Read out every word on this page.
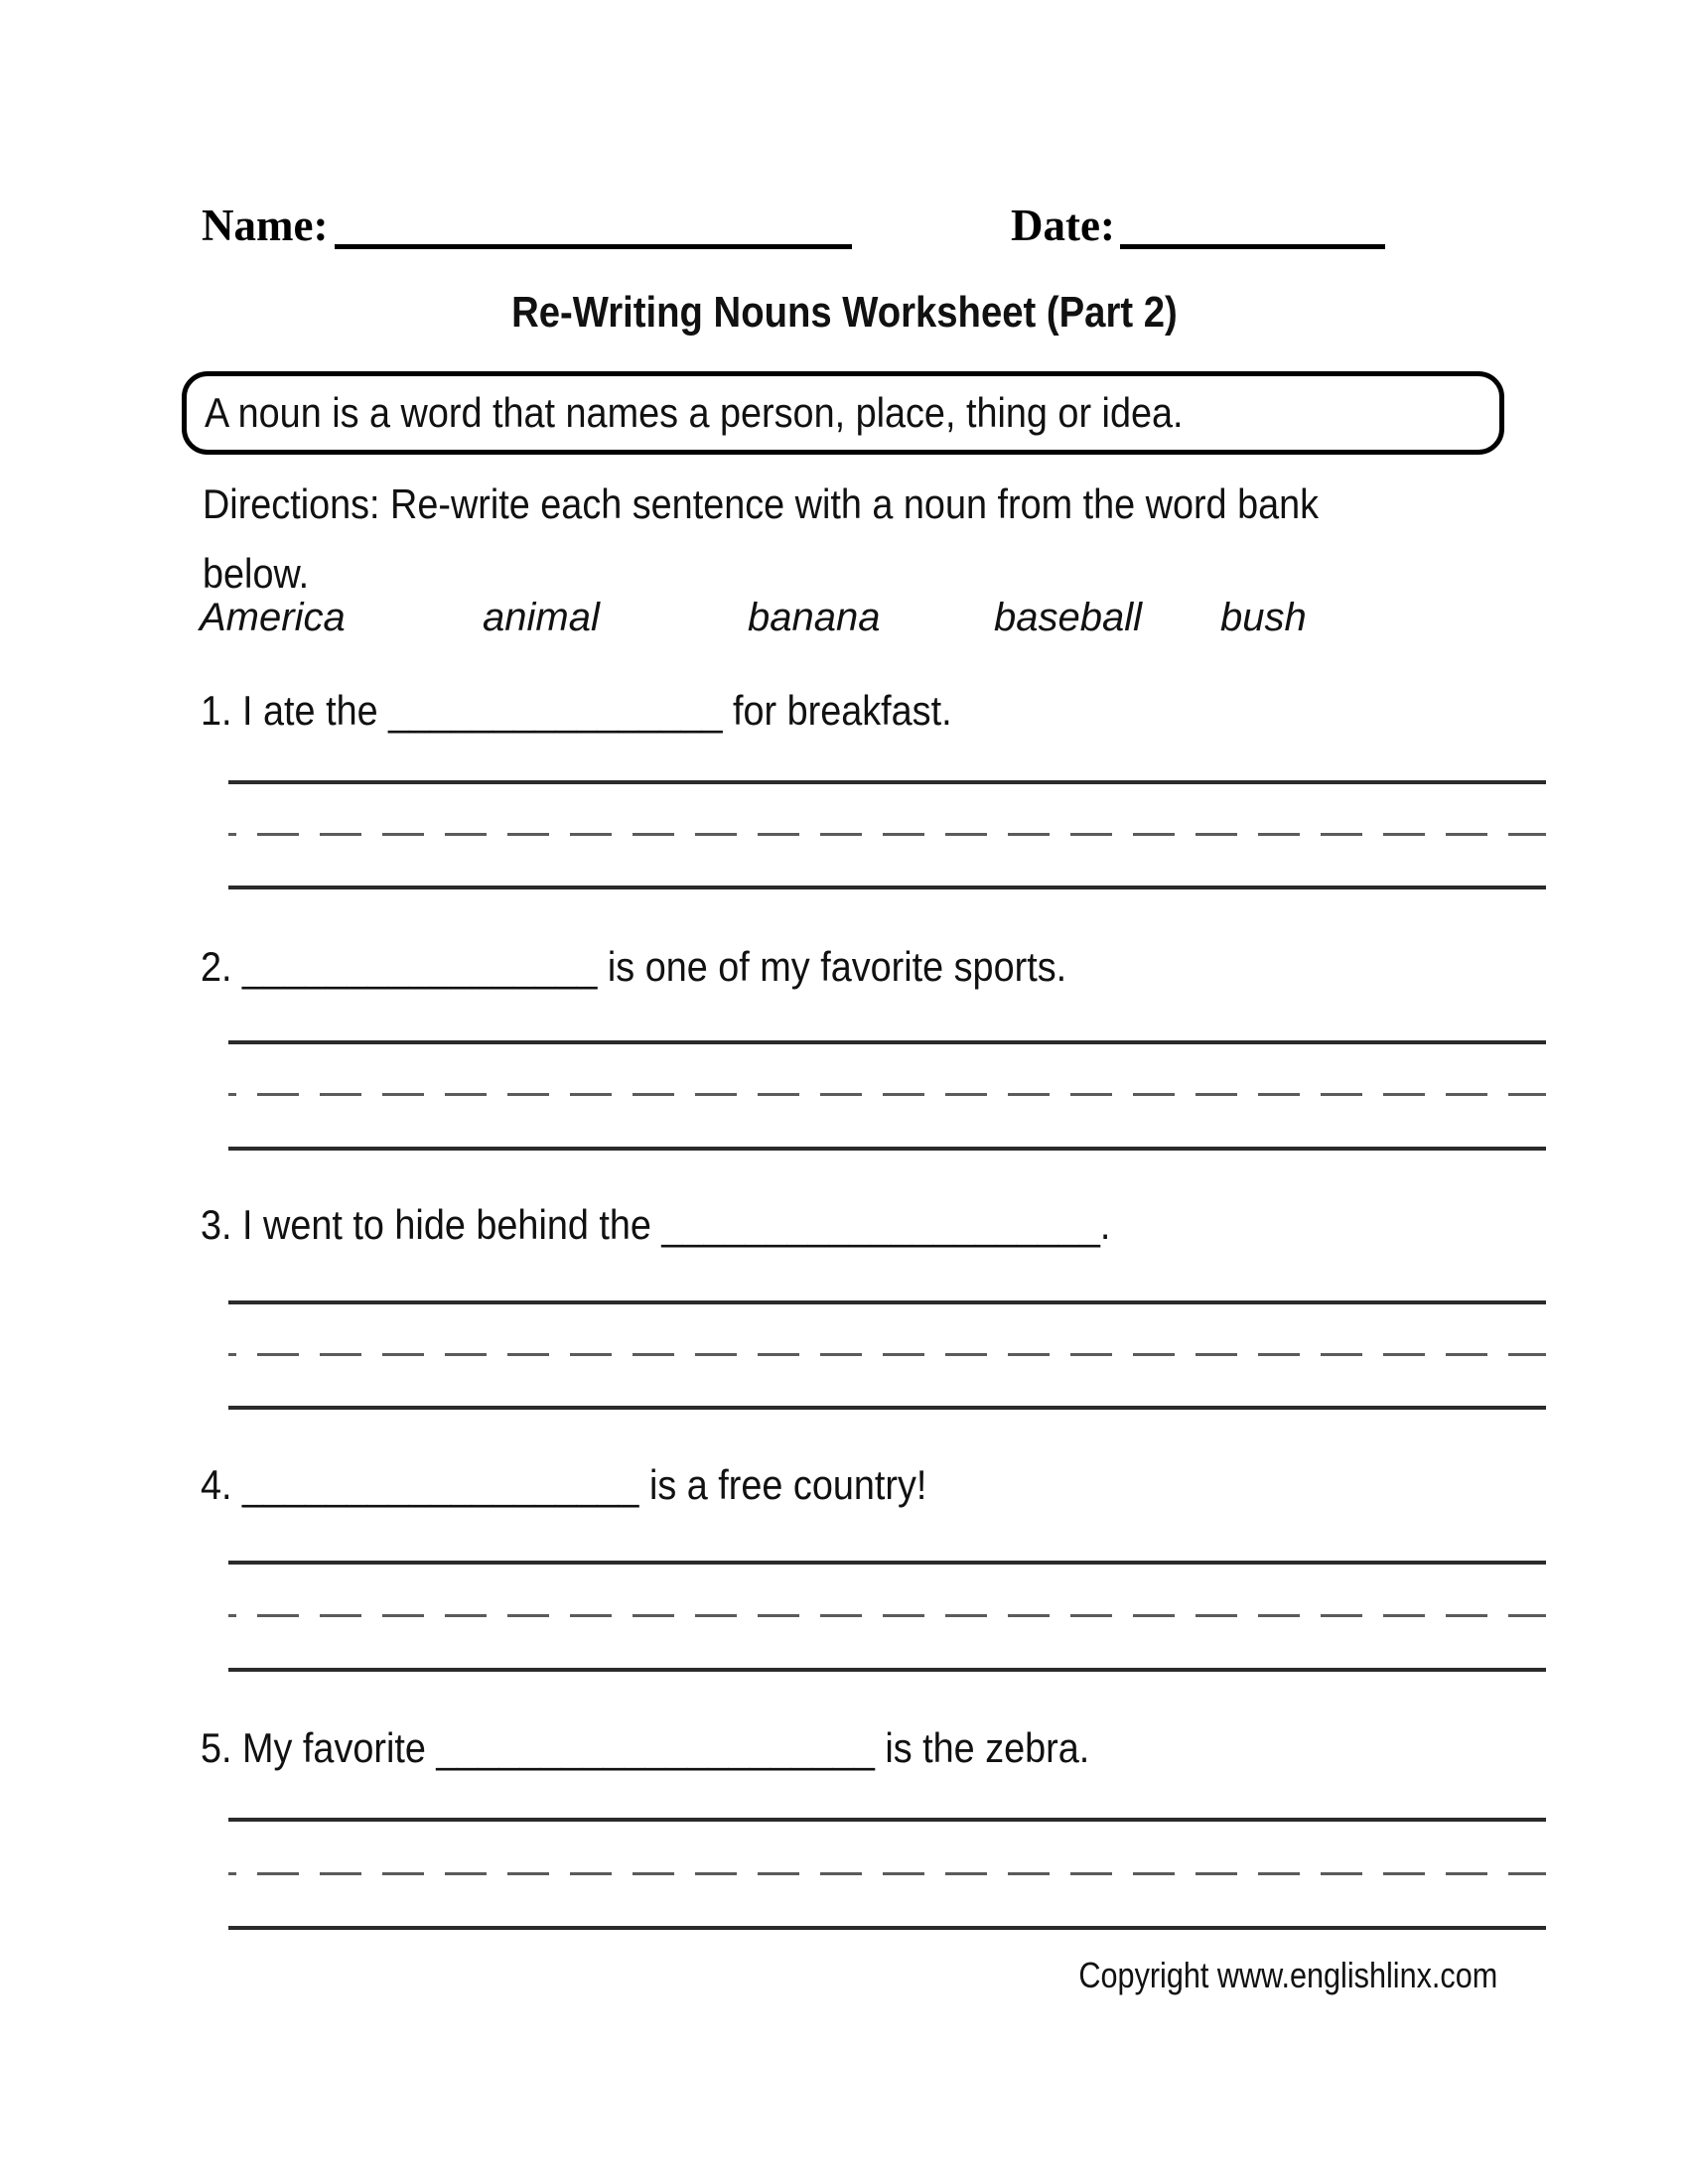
Name:	Date:
Re-Writing Nouns Worksheet (Part 2)
A noun is a word that names a person, place, thing or idea.
Directions: Re-write each sentence with a noun from the word bank below.
America	animal	banana	baseball bush
1. I ate the ________________ for breakfast.
2. _________________ is one of my favorite sports.
3. I went to hide behind the _____________________.
4. ___________________ is a free country!
5. My favorite _____________________ is the zebra.
Copyright www.englishlinx.com
